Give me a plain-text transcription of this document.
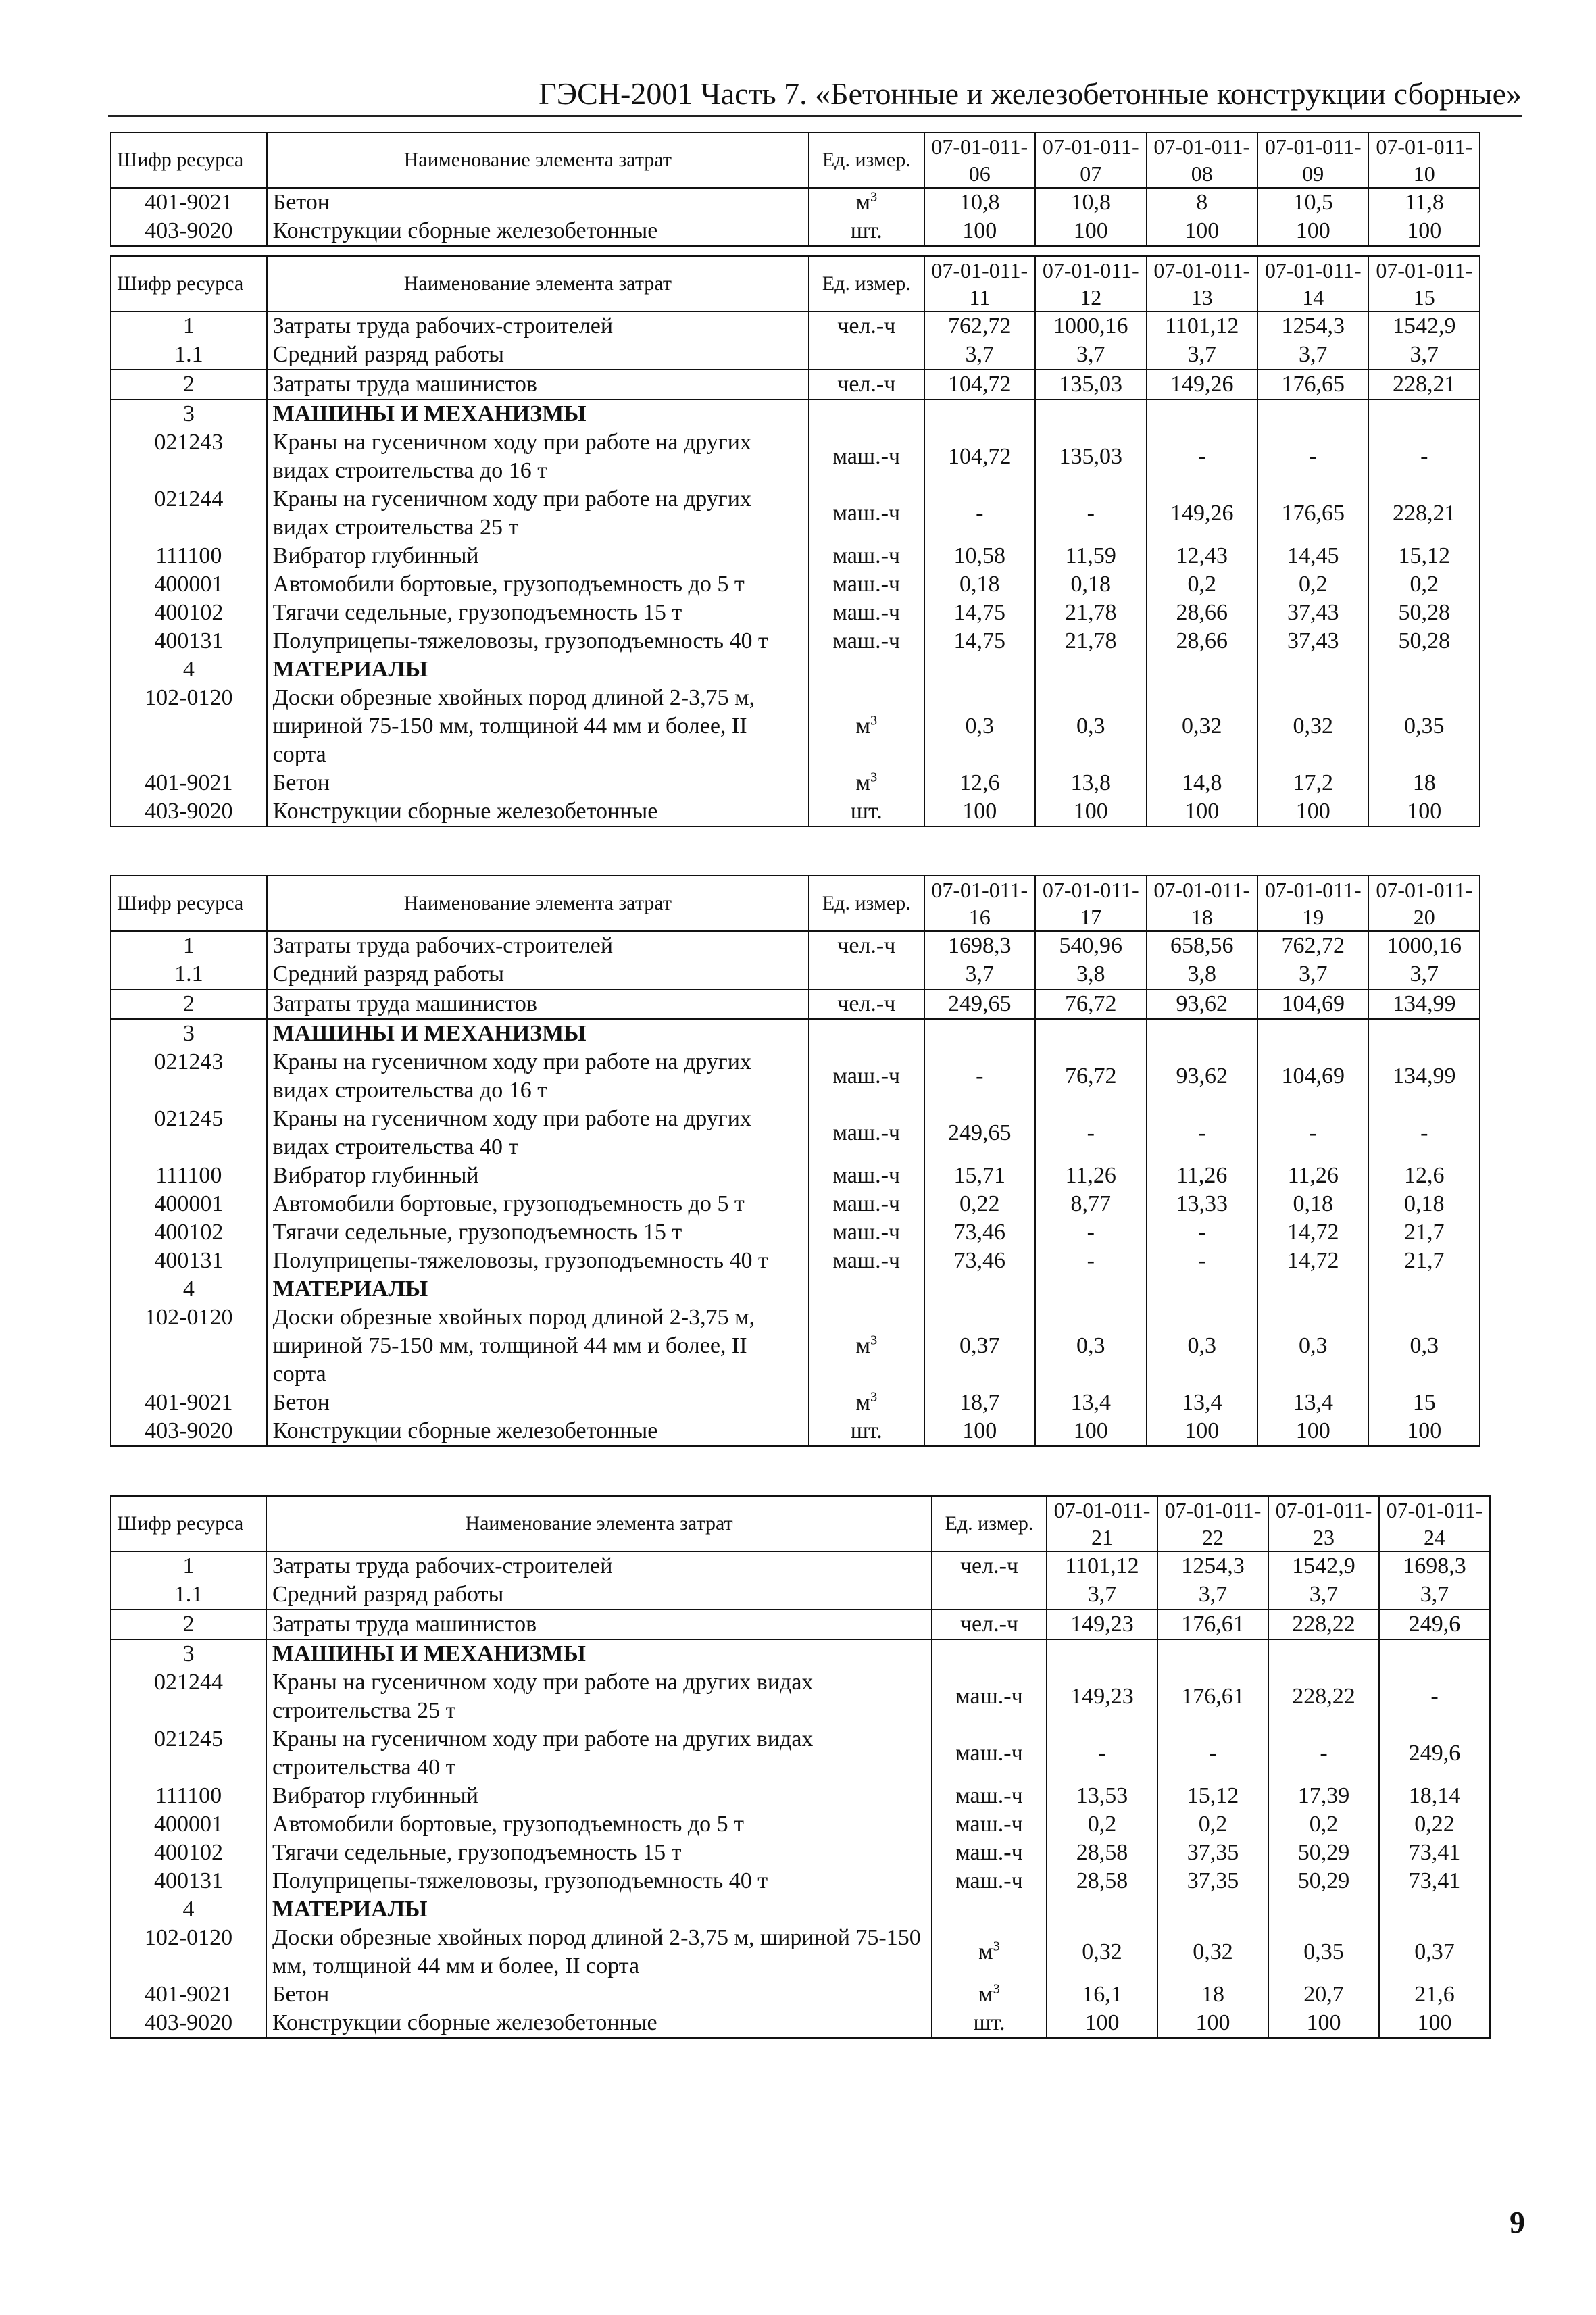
ГЭСН-2001 Часть 7. «Бетонные и железобетонные конструкции сборные»
Шифр ресурса	Наименование элемента затрат	Ед. измер.	07-01-011-06	07-01-011-07	07-01-011-08	07-01-011-09	07-01-011-10
401-9021	Бетон	$м^3$	10,8	10,8	8	10,5	11,8
403-9020	Конструкции сборные железобетонные	шт.	100	100	100	100	100
Шифр ресурса	Наименование элемента затрат	Ед. измер.	07-01-011-11	07-01-011-12	07-01-011-13	07-01-011-14	07-01-011-15
1	Затраты труда рабочих-строителей	чел.-ч	762,72	1000,16	1101,12	1254,3	1542,9
1.1	Средний разряд работы		3,7	3,7	3,7	3,7	3,7
2	Затраты труда машинистов	чел.-ч	104,72	135,03	149,26	176,65	228,21
3	МАШИНЫ И МЕХАНИЗМЫ						
021243	Краны на гусеничном ходу при работе на других видах строительства до 16 т	маш.-ч	104,72	135,03	-	-	-
021244	Краны на гусеничном ходу при работе на других видах строительства 25 т	маш.-ч	-	-	149,26	176,65	228,21
111100	Вибратор глубинный	маш.-ч	10,58	11,59	12,43	14,45	15,12
400001	Автомобили бортовые, грузоподъемность до 5 т	маш.-ч	0,18	0,18	0,2	0,2	0,2
400102	Тягачи седельные, грузоподъемность 15 т	маш.-ч	14,75	21,78	28,66	37,43	50,28
400131	Полуприцепы-тяжеловозы, грузоподъемность 40 т	маш.-ч	14,75	21,78	28,66	37,43	50,28
4	МАТЕРИАЛЫ						
102-0120	Доски обрезные хвойных пород длиной 2-3,75 м, шириной 75-150 мм, толщиной 44 мм и более, II сорта	$м^3$	0,3	0,3	0,32	0,32	0,35
401-9021	Бетон	$м^3$	12,6	13,8	14,8	17,2	18
403-9020	Конструкции сборные железобетонные	шт.	100	100	100	100	100
Шифр ресурса	Наименование элемента затрат	Ед. измер.	07-01-011-16	07-01-011-17	07-01-011-18	07-01-011-19	07-01-011-20
1	Затраты труда рабочих-строителей	чел.-ч	1698,3	540,96	658,56	762,72	1000,16
1.1	Средний разряд работы		3,7	3,8	3,8	3,7	3,7
2	Затраты труда машинистов	чел.-ч	249,65	76,72	93,62	104,69	134,99
3	МАШИНЫ И МЕХАНИЗМЫ						
021243	Краны на гусеничном ходу при работе на других видах строительства до 16 т	маш.-ч	-	76,72	93,62	104,69	134,99
021245	Краны на гусеничном ходу при работе на других видах строительства 40 т	маш.-ч	249,65	-	-	-	-
111100	Вибратор глубинный	маш.-ч	15,71	11,26	11,26	11,26	12,6
400001	Автомобили бортовые, грузоподъемность до 5 т	маш.-ч	0,22	8,77	13,33	0,18	0,18
400102	Тягачи седельные, грузоподъемность 15 т	маш.-ч	73,46	-	-	14,72	21,7
400131	Полуприцепы-тяжеловозы, грузоподъемность 40 т	маш.-ч	73,46	-	-	14,72	21,7
4	МАТЕРИАЛЫ						
102-0120	Доски обрезные хвойных пород длиной 2-3,75 м, шириной 75-150 мм, толщиной 44 мм и более, II сорта	$м^3$	0,37	0,3	0,3	0,3	0,3
401-9021	Бетон	$м^3$	18,7	13,4	13,4	13,4	15
403-9020	Конструкции сборные железобетонные	шт.	100	100	100	100	100
Шифр ресурса	Наименование элемента затрат	Ед. измер.	07-01-011-21	07-01-011-22	07-01-011-23	07-01-011-24
1	Затраты труда рабочих-строителей	чел.-ч	1101,12	1254,3	1542,9	1698,3
1.1	Средний разряд работы		3,7	3,7	3,7	3,7
2	Затраты труда машинистов	чел.-ч	149,23	176,61	228,22	249,6
3	МАШИНЫ И МЕХАНИЗМЫ					
021244	Краны на гусеничном ходу при работе на других видах строительства 25 т	маш.-ч	149,23	176,61	228,22	-
021245	Краны на гусеничном ходу при работе на других видах строительства 40 т	маш.-ч	-	-	-	249,6
111100	Вибратор глубинный	маш.-ч	13,53	15,12	17,39	18,14
400001	Автомобили бортовые, грузоподъемность до 5 т	маш.-ч	0,2	0,2	0,2	0,22
400102	Тягачи седельные, грузоподъемность 15 т	маш.-ч	28,58	37,35	50,29	73,41
400131	Полуприцепы-тяжеловозы, грузоподъемность 40 т	маш.-ч	28,58	37,35	50,29	73,41
4	МАТЕРИАЛЫ					
102-0120	Доски обрезные хвойных пород длиной 2-3,75 м, шириной 75-150 мм, толщиной 44 мм и более, II сорта	$м^3$	0,32	0,32	0,35	0,37
401-9021	Бетон	$м^3$	16,1	18	20,7	21,6
403-9020	Конструкции сборные железобетонные	шт.	100	100	100	100
9
